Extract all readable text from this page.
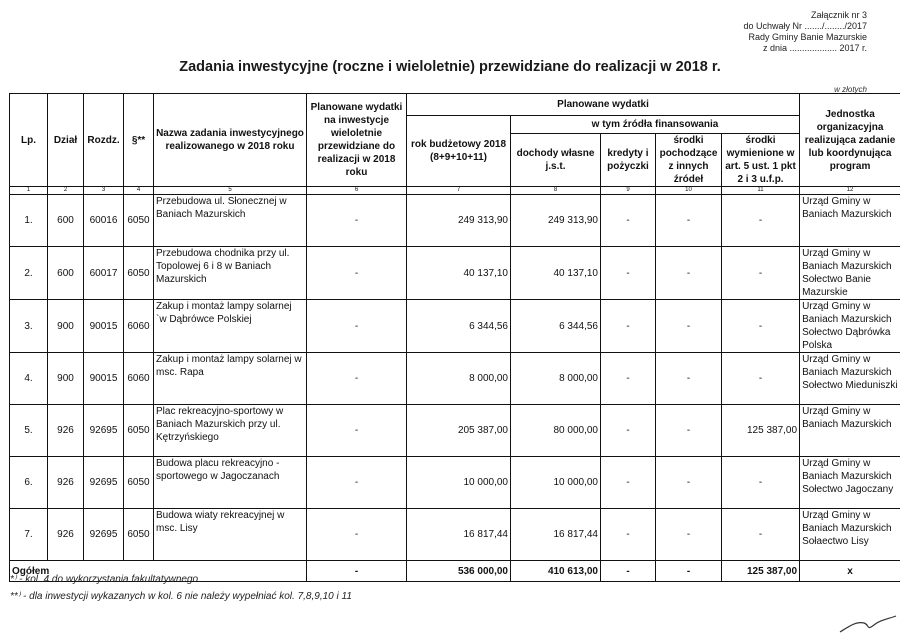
Załącznik nr 3
do Uchwały Nr ......./......../2017
Rady Gminy Banie Mazurskie
z dnia ................... 2017 r.
Zadania inwestycyjne (roczne i wieloletnie) przewidziane do realizacji w 2018 r.
w złotych
Lp.	Dział	Rozdz.	§**	Nazwa zadania inwestycyjnego realizowanego w 2018 roku	Planowane wydatki na inwestycje wieloletnie przewidziane do realizacji w 2018 roku	Planowane wydatki					Jednostka organizacyjna realizująca zadanie lub koordynująca program
						rok budżetowy 2018 (8+9+10+11)	w tym źródła finansowania				
							dochody własne j.s.t.	kredyty i pożyczki	środki pochodzące z innych źródeł	środki wymienione w art. 5 ust. 1 pkt 2 i 3 u.f.p.	
1	2	3	4	5	6	7	8	9	10	11	12
1.	600	60016	6050	Przebudowa ul. Słonecznej w Baniach Mazurskich	-	249 313,90	249 313,90	-	-	-	Urząd Gminy w Baniach Mazurskich
2.	600	60017	6050	Przebudowa chodnika przy ul. Topolowej 6 i 8 w Baniach Mazurskich	-	40 137,10	40 137,10	-	-	-	Urząd Gminy w Baniach Mazurskich Sołectwo Banie Mazurskie
3.	900	90015	6060	Zakup i montaż lampy solarnej `w Dąbrówce Polskiej	-	6 344,56	6 344,56	-	-	-	Urząd Gminy w Baniach Mazurskich Sołectwo Dąbrówka Polska
4.	900	90015	6060	Zakup i montaż lampy solarnej w msc. Rapa	-	8 000,00	8 000,00	-	-	-	Urząd Gminy w Baniach Mazurskich Sołectwo Mieduniszki
5.	926	92695	6050	Plac rekreacyjno-sportowy w Baniach Mazurskich przy ul. Kętrzyńskiego	-	205 387,00	80 000,00	-	-	125 387,00	Urząd Gminy w Baniach Mazurskich
6.	926	92695	6050	Budowa placu rekreacyjno - sportowego w Jagoczanach	-	10 000,00	10 000,00	-	-	-	Urząd Gminy w Baniach Mazurskich Sołectwo Jagoczany
7.	926	92695	6050	Budowa wiaty rekreacyjnej w msc. Lisy	-	16 817,44	16 817,44	-	-	-	Urząd Gminy w Baniach Mazurskich Sołaectwo Lisy
Ogółem					-	536 000,00	410 613,00	-	-	125 387,00	x
*⁾ - kol. 4 do wykorzystania fakultatywnego
**⁾ - dla inwestycji wykazanych w kol. 6 nie należy wypełniać kol. 7,8,9,10 i 11
